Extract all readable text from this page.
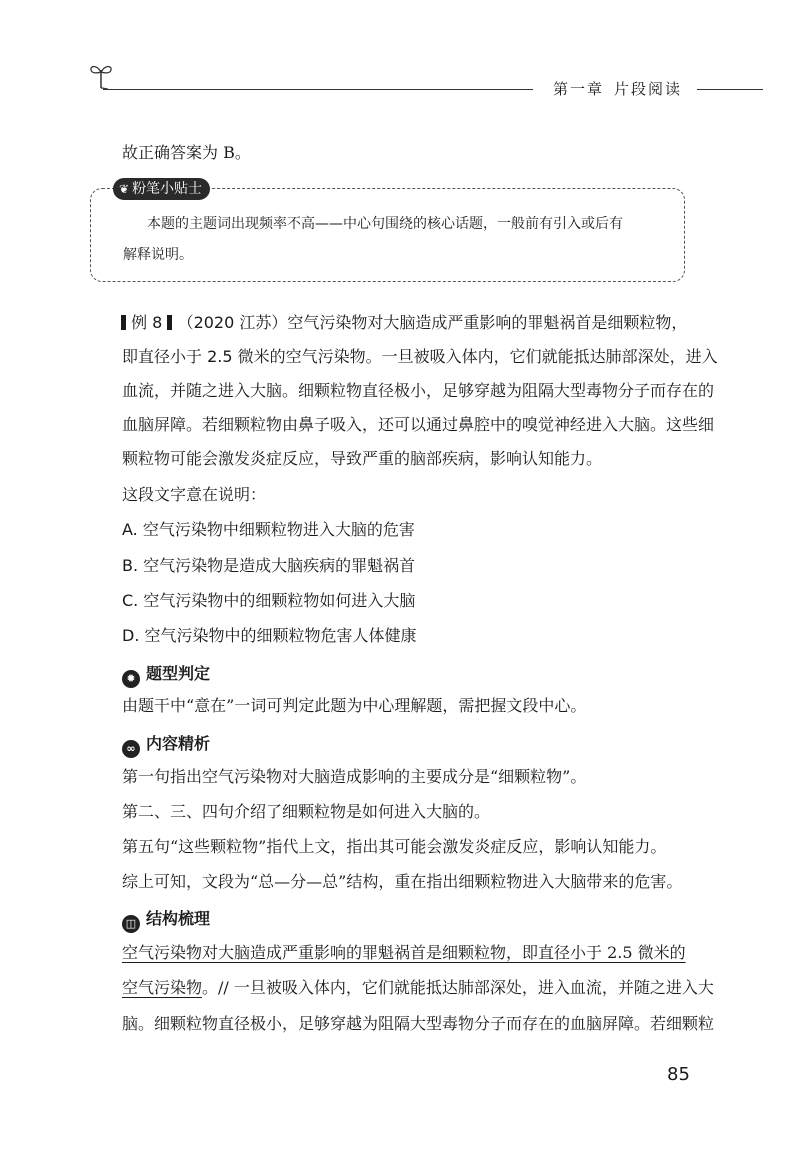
第一章 片段阅读
故正确答案为 B。
❦ 粉笔小贴士
本题的主题词出现频率不高——中心句围绕的核心话题，一般前有引入或后有
解释说明。
例 8 （2020 江苏）空气污染物对大脑造成严重影响的罪魁祸首是细颗粒物，
即直径小于 2.5 微米的空气污染物。一旦被吸入体内，它们就能抵达肺部深处，进入
血流，并随之进入大脑。细颗粒物直径极小，足够穿越为阻隔大型毒物分子而存在的
血脑屏障。若细颗粒物由鼻子吸入，还可以通过鼻腔中的嗅觉神经进入大脑。这些细
颗粒物可能会激发炎症反应，导致严重的脑部疾病，影响认知能力。
这段文字意在说明：
A. 空气污染物中细颗粒物进入大脑的危害
B. 空气污染物是造成大脑疾病的罪魁祸首
C. 空气污染物中的细颗粒物如何进入大脑
D. 空气污染物中的细颗粒物危害人体健康
✹ 题型判定
由题干中“意在”一词可判定此题为中心理解题，需把握文段中心。
∞ 内容精析
第一句指出空气污染物对大脑造成影响的主要成分是“细颗粒物”。
第二、三、四句介绍了细颗粒物是如何进入大脑的。
第五句“这些颗粒物”指代上文，指出其可能会激发炎症反应，影响认知能力。
综上可知，文段为“总—分—总”结构，重在指出细颗粒物进入大脑带来的危害。
◫ 结构梳理
空气污染物对大脑造成严重影响的罪魁祸首是细颗粒物，即直径小于 2.5 微米的
空气污染物。// 一旦被吸入体内，它们就能抵达肺部深处，进入血流，并随之进入大
脑。细颗粒物直径极小，足够穿越为阻隔大型毒物分子而存在的血脑屏障。若细颗粒
85
